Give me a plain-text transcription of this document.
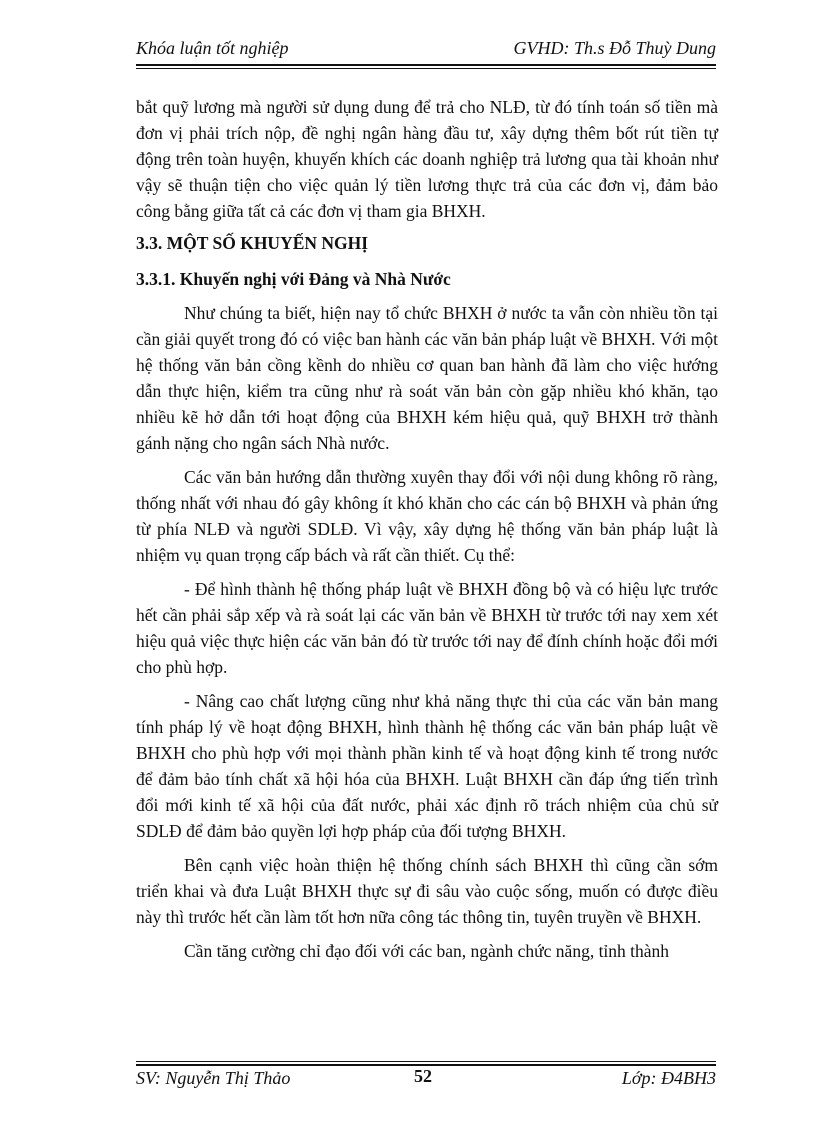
Khóa luận tốt nghiệp	GVHD: Th.s Đỗ Thuỳ Dung

bắt quỹ lương mà người sử dụng dung để trả cho NLĐ, từ đó tính toán số tiền mà đơn vị phải trích nộp, đề nghị ngân hàng đầu tư, xây dựng thêm bốt rút tiền tự động trên toàn huyện, khuyến khích các doanh nghiệp trả lương qua tài khoản như vậy sẽ thuận tiện cho việc quản lý tiền lương thực trả của các đơn vị, đảm bảo công bằng giữa tất cả các đơn vị tham gia BHXH.

3.3. MỘT SỐ KHUYẾN NGHỊ

3.3.1. Khuyến nghị với Đảng và Nhà Nước

Như chúng ta biết, hiện nay tổ chức BHXH ở nước ta vẫn còn nhiều tồn tại cần giải quyết trong đó có việc ban hành các văn bản pháp luật về BHXH. Với một hệ thống văn bản cồng kềnh do nhiều cơ quan ban hành đã làm cho việc hướng dẫn thực hiện, kiểm tra cũng như rà soát văn bản còn gặp nhiều khó khăn, tạo nhiều kẽ hở dẫn tới hoạt động của BHXH kém hiệu quả, quỹ BHXH trở thành gánh nặng cho ngân sách Nhà nước.

Các văn bản hướng dẫn thường xuyên thay đổi với nội dung không rõ ràng, thống nhất với nhau đó gây không ít khó khăn cho các cán bộ BHXH và phản ứng từ phía NLĐ và người SDLĐ. Vì vậy, xây dựng hệ thống văn bản pháp luật là nhiệm vụ quan trọng cấp bách và rất cần thiết. Cụ thể:

- Để hình thành hệ thống pháp luật về BHXH đồng bộ và có hiệu lực trước hết cần phải sắp xếp và rà soát lại các văn bản về BHXH từ trước tới nay xem xét hiệu quả việc thực hiện các văn bản đó từ trước tới nay để đính chính hoặc đổi mới cho phù hợp.

- Nâng cao chất lượng cũng như khả năng thực thi của các văn bản mang tính pháp lý về hoạt động BHXH, hình thành hệ thống các văn bản pháp luật về BHXH cho phù hợp với mọi thành phần kinh tế và hoạt động kinh tế trong nước để đảm bảo tính chất xã hội hóa của BHXH. Luật BHXH cần đáp ứng tiến trình đổi mới kinh tế xã hội của đất nước, phải xác định rõ trách nhiệm của chủ sử SDLĐ để đảm bảo quyền lợi hợp pháp của đối tượng BHXH.

Bên cạnh việc hoàn thiện hệ thống chính sách BHXH thì cũng cần sớm triển khai và đưa Luật BHXH thực sự đi sâu vào cuộc sống, muốn có được điều này thì trước hết cần làm tốt hơn nữa công tác thông tin, tuyên truyền về BHXH.

Cần tăng cường chỉ đạo đối với các ban, ngành chức năng, tỉnh thành

SV: Nguyễn Thị Thảo	52	Lớp: Đ4BH3
